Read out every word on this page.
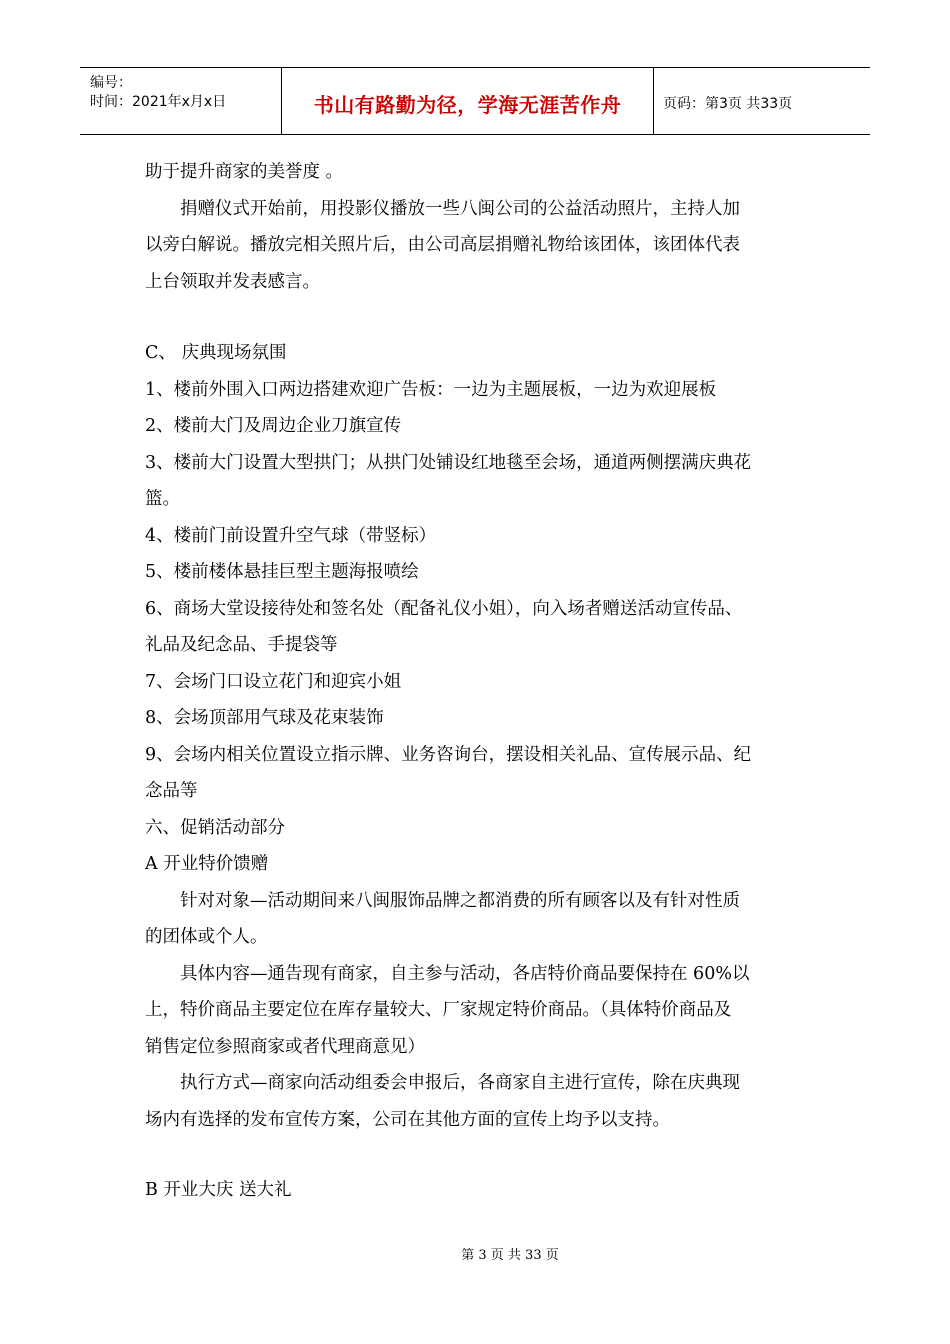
编号：
时间：2021年x月x日	书山有路勤为径，学海无涯苦作舟	页码：第3页 共33页
助于提升商家的美誉度 。
捐赠仪式开始前，用投影仪播放一些八闽公司的公益活动照片，主持人加
以旁白解说。播放完相关照片后，由公司高层捐赠礼物给该团体，该团体代表
上台领取并发表感言。
C、 庆典现场氛围
1、楼前外围入口两边搭建欢迎广告板：一边为主题展板，一边为欢迎展板
2、楼前大门及周边企业刀旗宣传
3、楼前大门设置大型拱门；从拱门处铺设红地毯至会场，通道两侧摆满庆典花
篮。
4、楼前门前设置升空气球（带竖标）
5、楼前楼体悬挂巨型主题海报喷绘
6、商场大堂设接待处和签名处（配备礼仪小姐），向入场者赠送活动宣传品、
礼品及纪念品、手提袋等
7、会场门口设立花门和迎宾小姐
8、会场顶部用气球及花束装饰
9、会场内相关位置设立指示牌、业务咨询台，摆设相关礼品、宣传展示品、纪
念品等
六、促销活动部分
A 开业特价馈赠
针对对象—活动期间来八闽服饰品牌之都消费的所有顾客以及有针对性质
的团体或个人。
具体内容—通告现有商家，自主参与活动，各店特价商品要保持在 60%以
上，特价商品主要定位在库存量较大、厂家规定特价商品。（具体特价商品及
销售定位参照商家或者代理商意见）
执行方式—商家向活动组委会申报后，各商家自主进行宣传，除在庆典现
场内有选择的发布宣传方案，公司在其他方面的宣传上均予以支持。
B 开业大庆 送大礼
第 3 页 共 33 页
